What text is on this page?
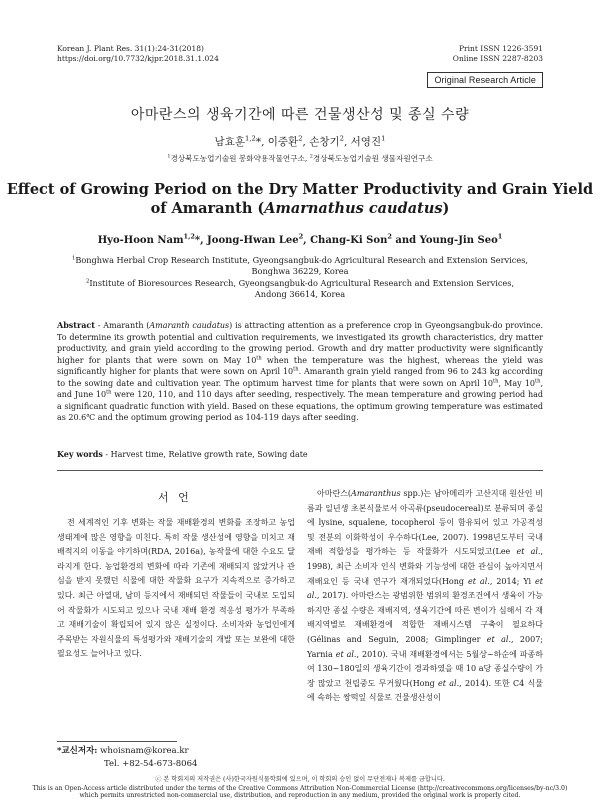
Korean J. Plant Res. 31(1):24-31(2018)
https://doi.org/10.7732/kjpr.2018.31.1.024
Print ISSN 1226-3591
Online ISSN 2287-8203
Original Research Article
아마란스의 생육기간에 따른 건물생산성 및 종실 수량
남효훈$^{1,2}$*, 이중환$^2$, 손창기$^2$, 서영진$^1$
$^1$경상북도농업기술원 봉화약용작물연구소, $^2$경상북도농업기술원 생물자원연구소
Effect of Growing Period on the Dry Matter Productivity and Grain Yield
of Amaranth (Amarnathus caudatus)
Hyo-Hoon Nam$^{1,2}$*, Joong-Hwan Lee$^2$, Chang-Ki Son$^2$ and Young-Jin Seo$^1$
$^1$Bonghwa Herbal Crop Research Institute, Gyeongsangbuk-do Agricultural Research and Extension Services,
Bonghwa 36229, Korea
$^2$Institute of Bioresources Research, Gyeongsangbuk-do Agricultural Research and Extension Services,
Andong 36614, Korea
Abstract - Amaranth (Amaranth caudatus) is attracting attention as a preference crop in Gyeongsangbuk-do province. To determine its growth potential and cultivation requirements, we investigated its growth characteristics, dry matter productivity, and grain yield according to the growing period. Growth and dry matter productivity were significantly higher for plants that were sown on May 10th when the temperature was the highest, whereas the yield was significantly higher for plants that were sown on April 10th. Amaranth grain yield ranged from 96 to 243 kg according to the sowing date and cultivation year. The optimum harvest time for plants that were sown on April 10th, May 10th, and June 10th were 120, 110, and 110 days after seeding, respectively. The mean temperature and growing period had a significant quadratic function with yield. Based on these equations, the optimum growing temperature was estimated as 20.6℃ and the optimum growing period as 104-119 days after seeding.
Key words - Harvest time, Relative growth rate, Sowing date
서 언
전 세계적인 기후 변화는 작물 재배환경의 변화를 조장하고 농업생태계에 많은 영향을 미친다. 특히 작물 생산성에 영향을 미치고 재배적지의 이동을 야기하며(RDA, 2016a), 농작물에 대한 수요도 달라지게 한다. 농업환경의 변화에 따라 기존에 재배되지 않았거나 관심을 받지 못했던 식물에 대한 작물화 요구가 지속적으로 증가하고 있다. 최근 아열대, 남미 등지에서 재배되던 작물들이 국내로 도입되어 작물화가 시도되고 있으나 국내 재배 환경 적응성 평가가 부족하고 재배기술이 확립되어 있지 않은 실정이다. 소비자와 농업인에게 주목받는 자원식물의 특성평가와 재배기술의 개발 또는 보완에 대한 필요성도 늘어나고 있다.
아마란스(Amaranthus spp.)는 남아메리카 고산지대 원산인 비름과 일년생 초본식물로서 아곡류(pseudocereal)로 분류되며 종실에 lysine, squalene, tocopherol 등이 함유되어 있고 가공적성 및 전분의 이화학성이 우수하다(Lee, 2007). 1998년도부터 국내 재배 적합성을 평가하는 등 작물화가 시도되었고(Lee et al., 1998), 최근 소비자 인식 변화와 기능성에 대한 관심이 높아지면서 재배요인 등 국내 연구가 재개되었다(Hong et al., 2014; Yi et al., 2017). 아마란스는 광범위한 범위의 환경조건에서 생육이 가능하지만 종실 수량은 재배지역, 생육기간에 따른 변이가 심해서 각 재배지역별로 재배환경에 적합한 재배시스템 구축이 필요하다(Gélinas and Seguin, 2008; Gimplinger et al., 2007; Yarnia et al., 2010). 국내 재배환경에서는 5월상~하순에 파종하여 130~180일의 생육기간이 경과하였을 때 10 a당 종실수량이 가장 많았고 천립중도 무거웠다(Hong et al., 2014). 또한 C4 식물에 속하는 쌍떡잎 식물로 건물생산성이
*교신저자: whoisnam@korea.kr
Tel. +82-54-673-8064
ⓒ 본 학회지의 저작권은 (사)한국자원식물학회에 있으며, 이 학회의 승인 없이 무단전재나 복제를 금합니다.
This is an Open-Access article distributed under the terms of the Creative Commons Attribution Non-Commercial License (http://creativecommons.org/licenses/by-nc/3.0)
which permits unrestricted non-commercial use, distribution, and reproduction in any medium, provided the original work is properly cited.
